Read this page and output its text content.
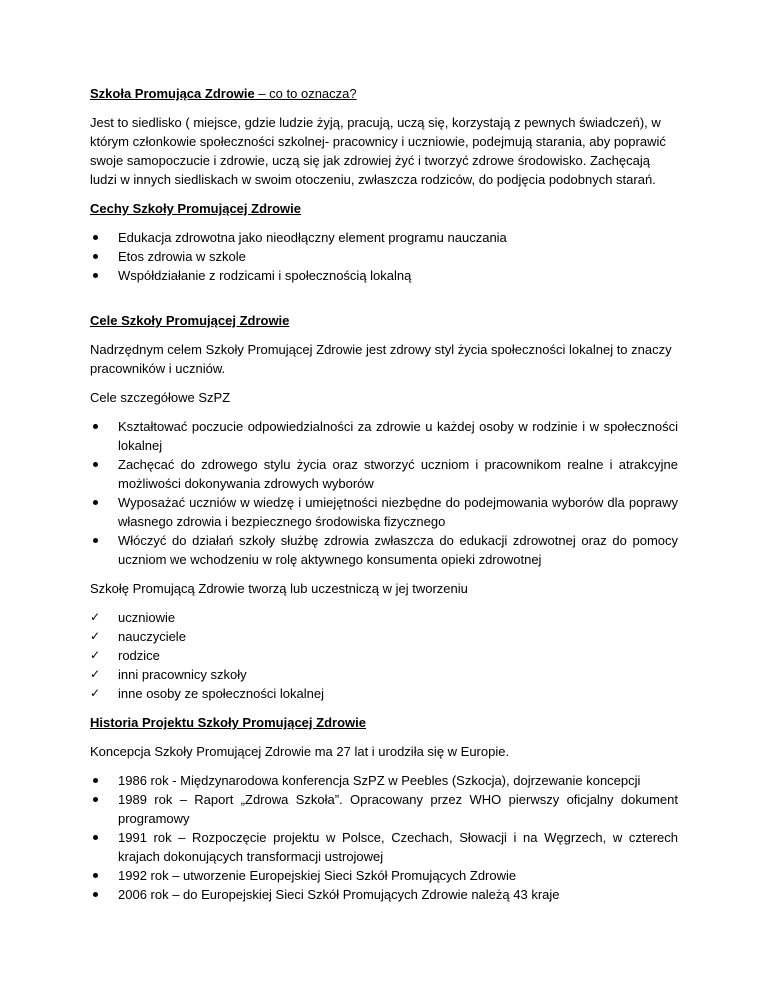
Szkoła Promująca Zdrowie – co to oznacza?

Jest to siedlisko ( miejsce, gdzie ludzie żyją, pracują, uczą się, korzystają z pewnych świadczeń), w którym członkowie społeczności szkolnej- pracownicy i uczniowie, podejmują starania, aby poprawić swoje samopoczucie i zdrowie, uczą się jak zdrowiej żyć i tworzyć zdrowe środowisko. Zachęcają ludzi w innych siedliskach w swoim otoczeniu, zwłaszcza rodziców, do podjęcia podobnych starań.

Cechy Szkoły Promującej Zdrowie

Edukacja zdrowotna jako nieodłączny element programu nauczania
Etos zdrowia w szkole
Współdziałanie z rodzicami i społecznością lokalną

Cele Szkoły Promującej Zdrowie

Nadrzędnym celem Szkoły Promującej Zdrowie jest zdrowy styl życia społeczności lokalnej to znaczy pracowników i uczniów.

Cele szczegółowe SzPZ

Kształtować poczucie odpowiedzialności za zdrowie u każdej osoby w rodzinie i w społeczności lokalnej
Zachęcać do zdrowego stylu życia oraz stworzyć uczniom i pracownikom realne i atrakcyjne możliwości dokonywania zdrowych wyborów
Wyposażać uczniów w wiedzę i umiejętności niezbędne do podejmowania wyborów dla poprawy własnego zdrowia i bezpiecznego środowiska fizycznego
Włóczyć do działań szkoły służbę zdrowia zwłaszcza do edukacji zdrowotnej oraz do pomocy uczniom we wchodzeniu w rolę aktywnego konsumenta opieki zdrowotnej

Szkołę Promującą Zdrowie tworzą lub uczestniczą w jej tworzeniu

✓	uczniowie
✓	nauczyciele
✓	rodzice
✓	inni pracownicy szkoły
✓	inne osoby ze społeczności lokalnej

Historia Projektu Szkoły Promującej Zdrowie

Koncepcja Szkoły Promującej Zdrowie ma 27 lat i urodziła się w Europie.

1986 rok - Międzynarodowa konferencja SzPZ w Peebles (Szkocja), dojrzewanie koncepcji
1989 rok – Raport „Zdrowa Szkoła”. Opracowany przez WHO pierwszy oficjalny dokument programowy
1991 rok – Rozpoczęcie projektu w Polsce, Czechach, Słowacji i na Węgrzech, w czterech krajach dokonujących transformacji ustrojowej
1992 rok – utworzenie Europejskiej Sieci Szkół Promujących Zdrowie
2006 rok – do Europejskiej Sieci Szkół Promujących Zdrowie należą 43 kraje
